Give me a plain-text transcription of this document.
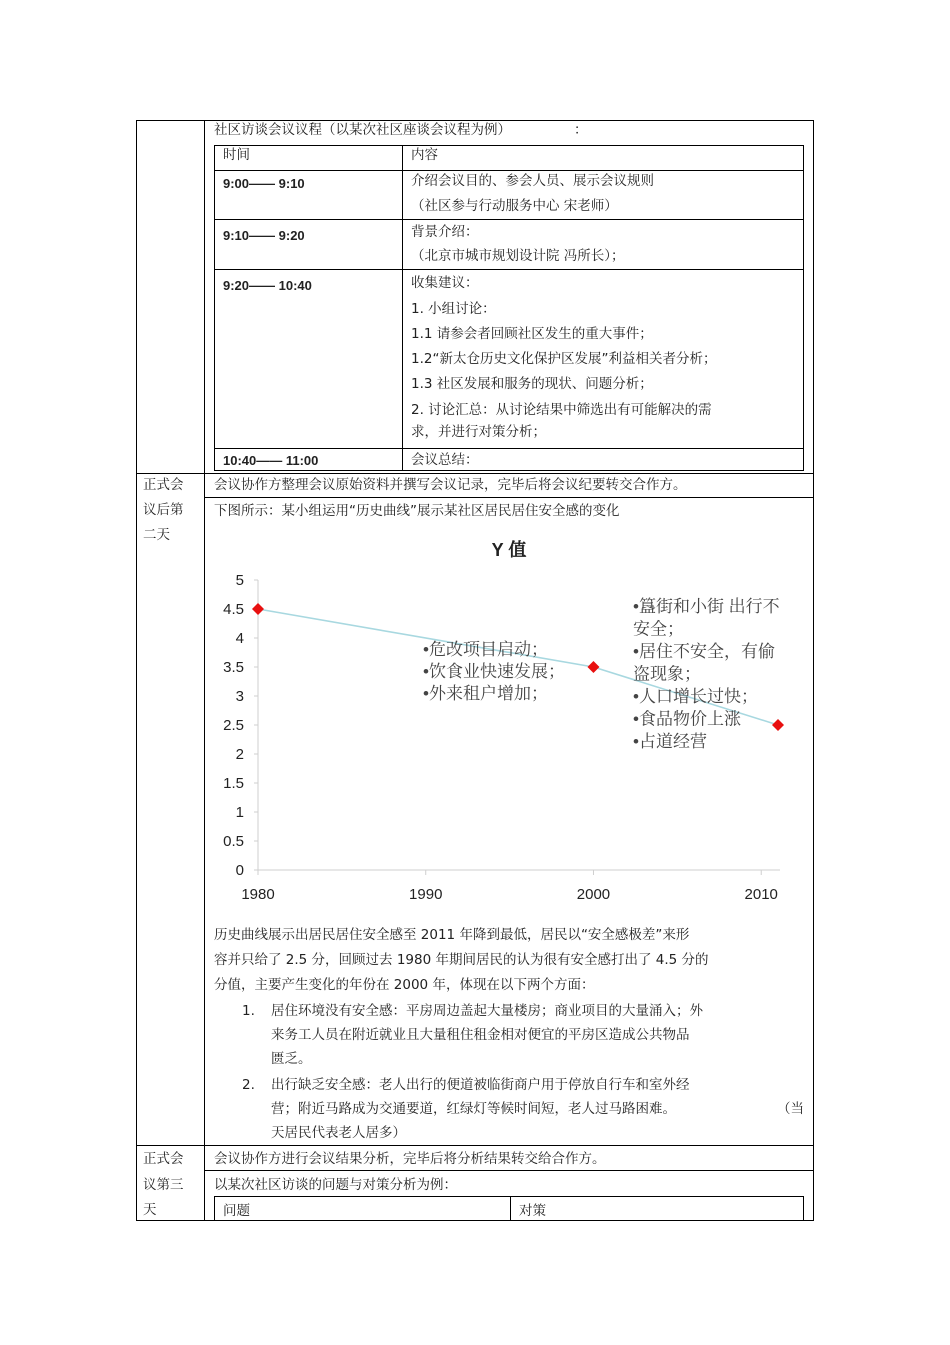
社区访谈会议议程（以某次社区座谈会议程为例）	：
时间	内容
9:00—— 9:10	介绍会议目的、参会人员、展示会议规则
（社区参与行动服务中心 宋老师）
9:10—— 9:20	背景介绍：
（北京市城市规划设计院 冯所长）；
9:20—— 10:40	收集建议：
1. 小组讨论：
1.1 请参会者回顾社区发生的重大事件；
1.2“新太仓历史文化保护区发展”利益相关者分析；
1.3 社区发展和服务的现状、问题分析；
2. 讨论汇总：从讨论结果中筛选出有可能解决的需
求，并进行对策分析；
10:40—— 11:00	会议总结：
正式会
议后第
二天
会议协作方整理会议原始资料并撰写会议记录，完毕后将会议纪要转交合作方。
下图所示：某小组运用“历史曲线”展示某社区居民居住安全感的变化
Y 值
0
0.5
1
1.5
2
2.5
3
3.5
4
4.5
5
1980	1990	2000	2010
•危改项目启动；
•饮食业快速发展；
•外来租户增加；
•簋街和小街 出行不
安全；
•居住不安全，有偷
盗现象；
•人口增长过快；
•食品物价上涨
•占道经营
历史曲线展示出居民居住安全感至 2011 年降到最低，居民以“安全感极差”来形
容并只给了 2.5 分，回顾过去 1980 年期间居民的认为很有安全感打出了 4.5 分的
分值，主要产生变化的年份在 2000 年，体现在以下两个方面：
1. 居住环境没有安全感：平房周边盖起大量楼房；商业项目的大量涌入；外
来务工人员在附近就业且大量租住租金相对便宜的平房区造成公共物品
匮乏。
2. 出行缺乏安全感：老人出行的便道被临街商户用于停放自行车和室外经
营；附近马路成为交通要道，红绿灯等候时间短，老人过马路困难。	（当
天居民代表老人居多）
正式会
议第三
天
会议协作方进行会议结果分析，完毕后将分析结果转交给合作方。
以某次社区访谈的问题与对策分析为例：
问题	对策
